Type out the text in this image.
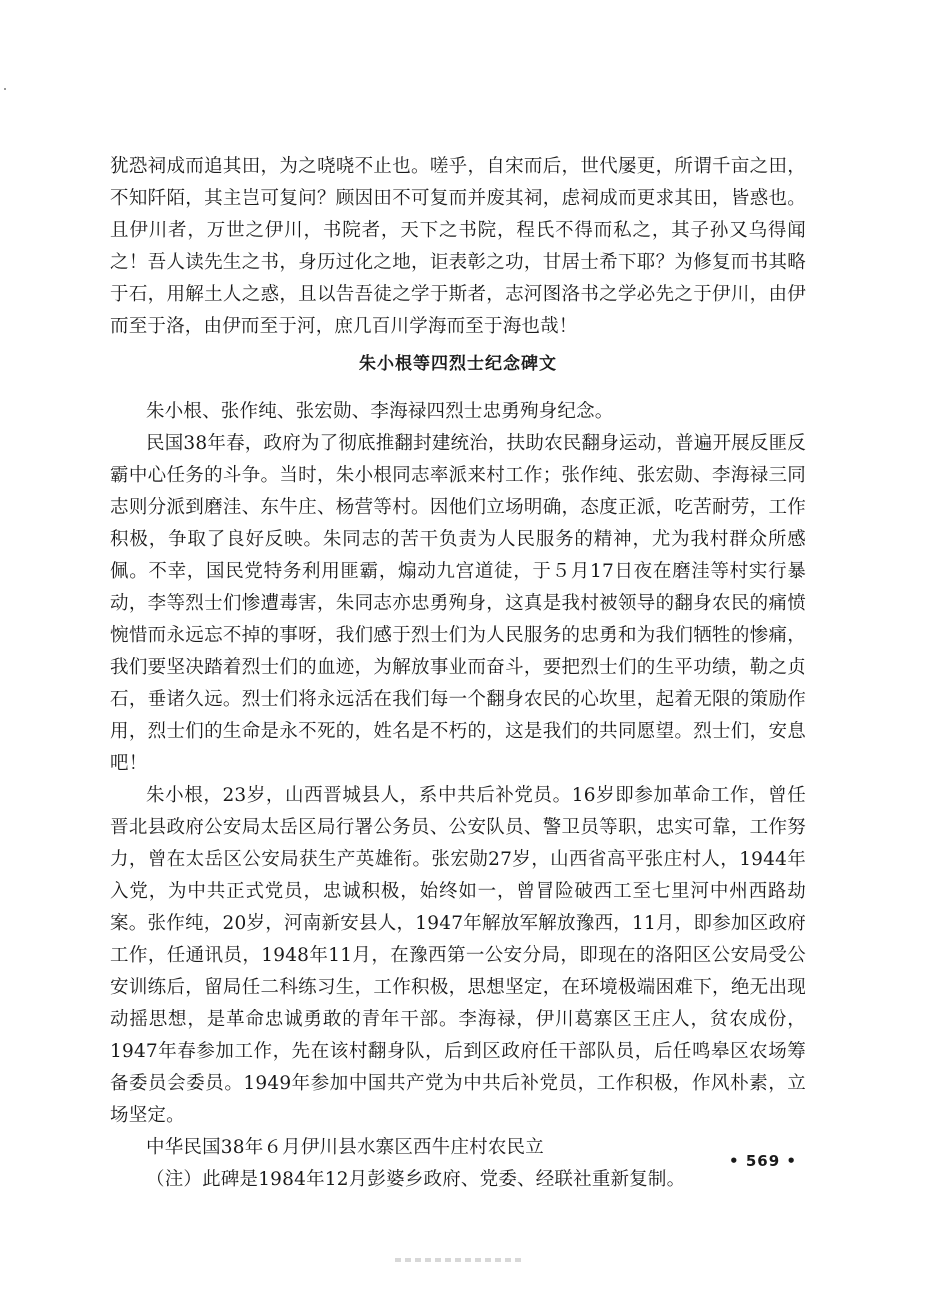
犹恐祠成而追其田，为之哓哓不止也。嗟乎，自宋而后，世代屡更，所谓千亩之田，不知阡陌，其主岂可复问？顾因田不可复而并废其祠，虑祠成而更求其田，皆惑也。且伊川者，万世之伊川，书院者，天下之书院，程氏不得而私之，其子孙又乌得闻之！吾人读先生之书，身历过化之地，讵表彰之功，甘居士希下耶？为修复而书其略于石，用解土人之惑，且以告吾徒之学于斯者，志河图洛书之学必先之于伊川，由伊而至于洛，由伊而至于河，庶几百川学海而至于海也哉！

朱小根等四烈士纪念碑文

朱小根、张作纯、张宏勋、李海禄四烈士忠勇殉身纪念。

民国38年春，政府为了彻底推翻封建统治，扶助农民翻身运动，普遍开展反匪反霸中心任务的斗争。当时，朱小根同志率派来村工作；张作纯、张宏勋、李海禄三同志则分派到磨洼、东牛庄、杨营等村。因他们立场明确，态度正派，吃苦耐劳，工作积极，争取了良好反映。朱同志的苦干负责为人民服务的精神，尤为我村群众所感佩。不幸，国民党特务利用匪霸，煽动九宫道徒，于５月17日夜在磨洼等村实行暴动，李等烈士们惨遭毒害，朱同志亦忠勇殉身，这真是我村被领导的翻身农民的痛愤惋惜而永远忘不掉的事呀，我们感于烈士们为人民服务的忠勇和为我们牺牲的惨痛，我们要坚决踏着烈士们的血迹，为解放事业而奋斗，要把烈士们的生平功绩，勒之贞石，垂诸久远。烈士们将永远活在我们每一个翻身农民的心坎里，起着无限的策励作用，烈士们的生命是永不死的，姓名是不朽的，这是我们的共同愿望。烈士们，安息吧！

朱小根，23岁，山西晋城县人，系中共后补党员。16岁即参加革命工作，曾任晋北县政府公安局太岳区局行署公务员、公安队员、警卫员等职，忠实可靠，工作努力，曾在太岳区公安局获生产英雄衔。张宏勋27岁，山西省高平张庄村人，1944年入党，为中共正式党员，忠诚积极，始终如一，曾冒险破西工至七里河中州西路劫案。张作纯，20岁，河南新安县人，1947年解放军解放豫西，11月，即参加区政府工作，任通讯员，1948年11月，在豫西第一公安分局，即现在的洛阳区公安局受公安训练后，留局任二科练习生，工作积极，思想坚定，在环境极端困难下，绝无出现动摇思想，是革命忠诚勇敢的青年干部。李海禄，伊川葛寨区王庄人，贫农成份，1947年春参加工作，先在该村翻身队，后到区政府任干部队员，后任鸣皋区农场筹备委员会委员。1949年参加中国共产党为中共后补党员，工作积极，作风朴素，立场坚定。

中华民国38年６月伊川县水寨区西牛庄村农民立

（注）此碑是1984年12月彭婆乡政府、党委、经联社重新复制。

• 569 •
